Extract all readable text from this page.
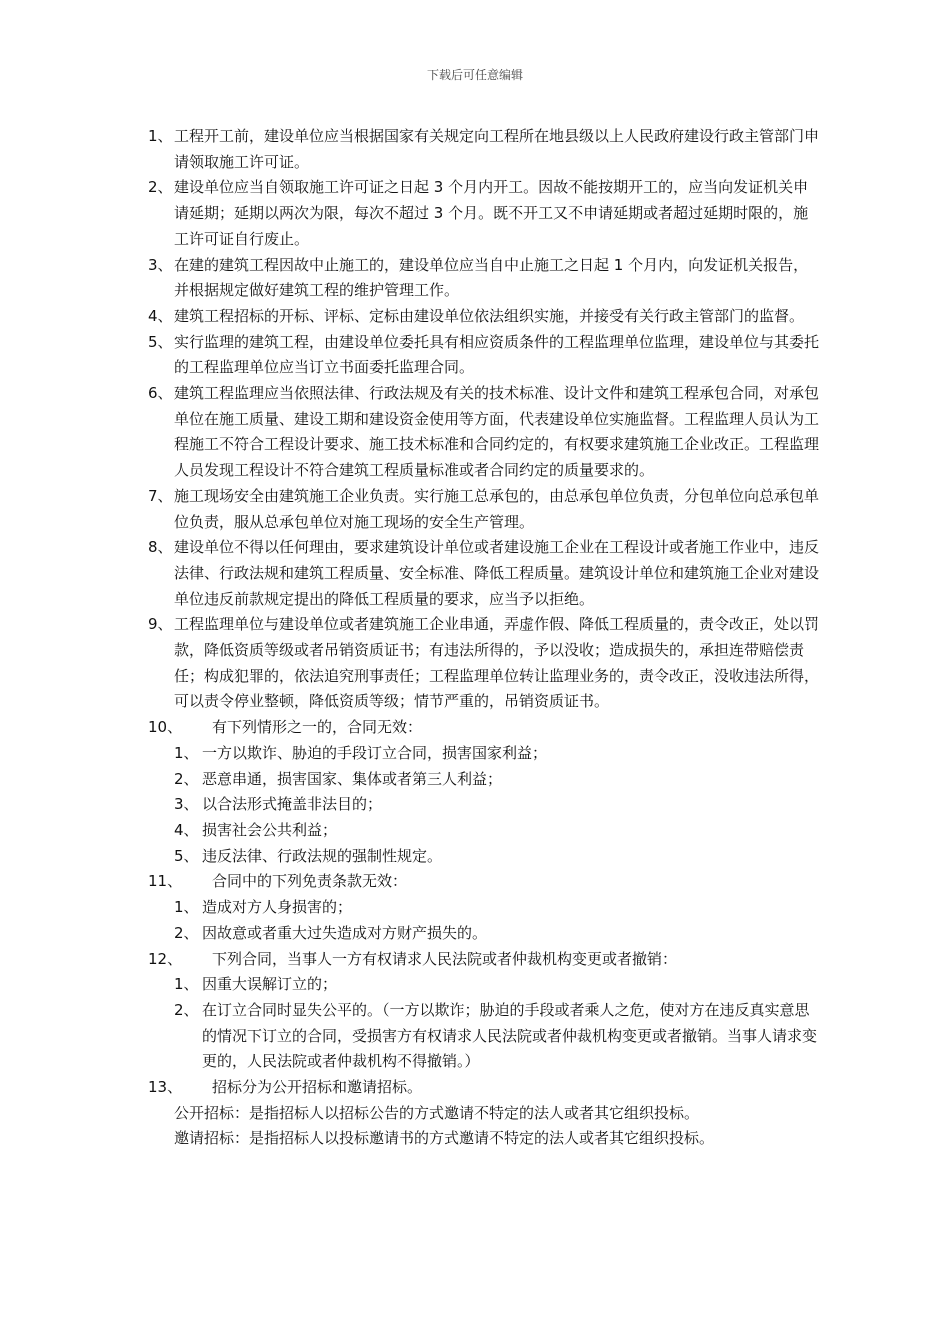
下载后可任意编辑
1、 工程开工前，建设单位应当根据国家有关规定向工程所在地县级以上人民政府建设行政主管部门申请领取施工许可证。
2、 建设单位应当自领取施工许可证之日起 3 个月内开工。因故不能按期开工的，应当向发证机关申请延期；延期以两次为限，每次不超过 3 个月。既不开工又不申请延期或者超过延期时限的，施工许可证自行废止。
3、 在建的建筑工程因故中止施工的，建设单位应当自中止施工之日起 1 个月内，向发证机关报告，并根据规定做好建筑工程的维护管理工作。
4、 建筑工程招标的开标、评标、定标由建设单位依法组织实施，并接受有关行政主管部门的监督。
5、 实行监理的建筑工程，由建设单位委托具有相应资质条件的工程监理单位监理，建设单位与其委托的工程监理单位应当订立书面委托监理合同。
6、 建筑工程监理应当依照法律、行政法规及有关的技术标准、设计文件和建筑工程承包合同，对承包单位在施工质量、建设工期和建设资金使用等方面，代表建设单位实施监督。工程监理人员认为工程施工不符合工程设计要求、施工技术标准和合同约定的，有权要求建筑施工企业改正。工程监理人员发现工程设计不符合建筑工程质量标准或者合同约定的质量要求的。
7、 施工现场安全由建筑施工企业负责。实行施工总承包的，由总承包单位负责，分包单位向总承包单位负责，服从总承包单位对施工现场的安全生产管理。
8、 建设单位不得以任何理由，要求建筑设计单位或者建设施工企业在工程设计或者施工作业中，违反法律、行政法规和建筑工程质量、安全标准、降低工程质量。建筑设计单位和建筑施工企业对建设单位违反前款规定提出的降低工程质量的要求，应当予以拒绝。
9、 工程监理单位与建设单位或者建筑施工企业串通，弄虚作假、降低工程质量的，责令改正，处以罚款，降低资质等级或者吊销资质证书；有违法所得的，予以没收；造成损失的，承担连带赔偿责任；构成犯罪的，依法追究刑事责任；工程监理单位转让监理业务的，责令改正，没收违法所得，可以责令停业整顿，降低资质等级；情节严重的，吊销资质证书。
10、	有下列情形之一的，合同无效：
1、 一方以欺诈、胁迫的手段订立合同，损害国家利益；
2、 恶意串通，损害国家、集体或者第三人利益；
3、 以合法形式掩盖非法目的；
4、 损害社会公共利益；
5、 违反法律、行政法规的强制性规定。
11、	合同中的下列免责条款无效：
1、 造成对方人身损害的；
2、 因故意或者重大过失造成对方财产损失的。
12、	下列合同，当事人一方有权请求人民法院或者仲裁机构变更或者撤销：
1、 因重大误解订立的；
2、 在订立合同时显失公平的。（一方以欺诈；胁迫的手段或者乘人之危，使对方在违反真实意思的情况下订立的合同，受损害方有权请求人民法院或者仲裁机构变更或者撤销。当事人请求变更的，人民法院或者仲裁机构不得撤销。）
13、	招标分为公开招标和邀请招标。
公开招标：是指招标人以招标公告的方式邀请不特定的法人或者其它组织投标。
邀请招标：是指招标人以投标邀请书的方式邀请不特定的法人或者其它组织投标。
